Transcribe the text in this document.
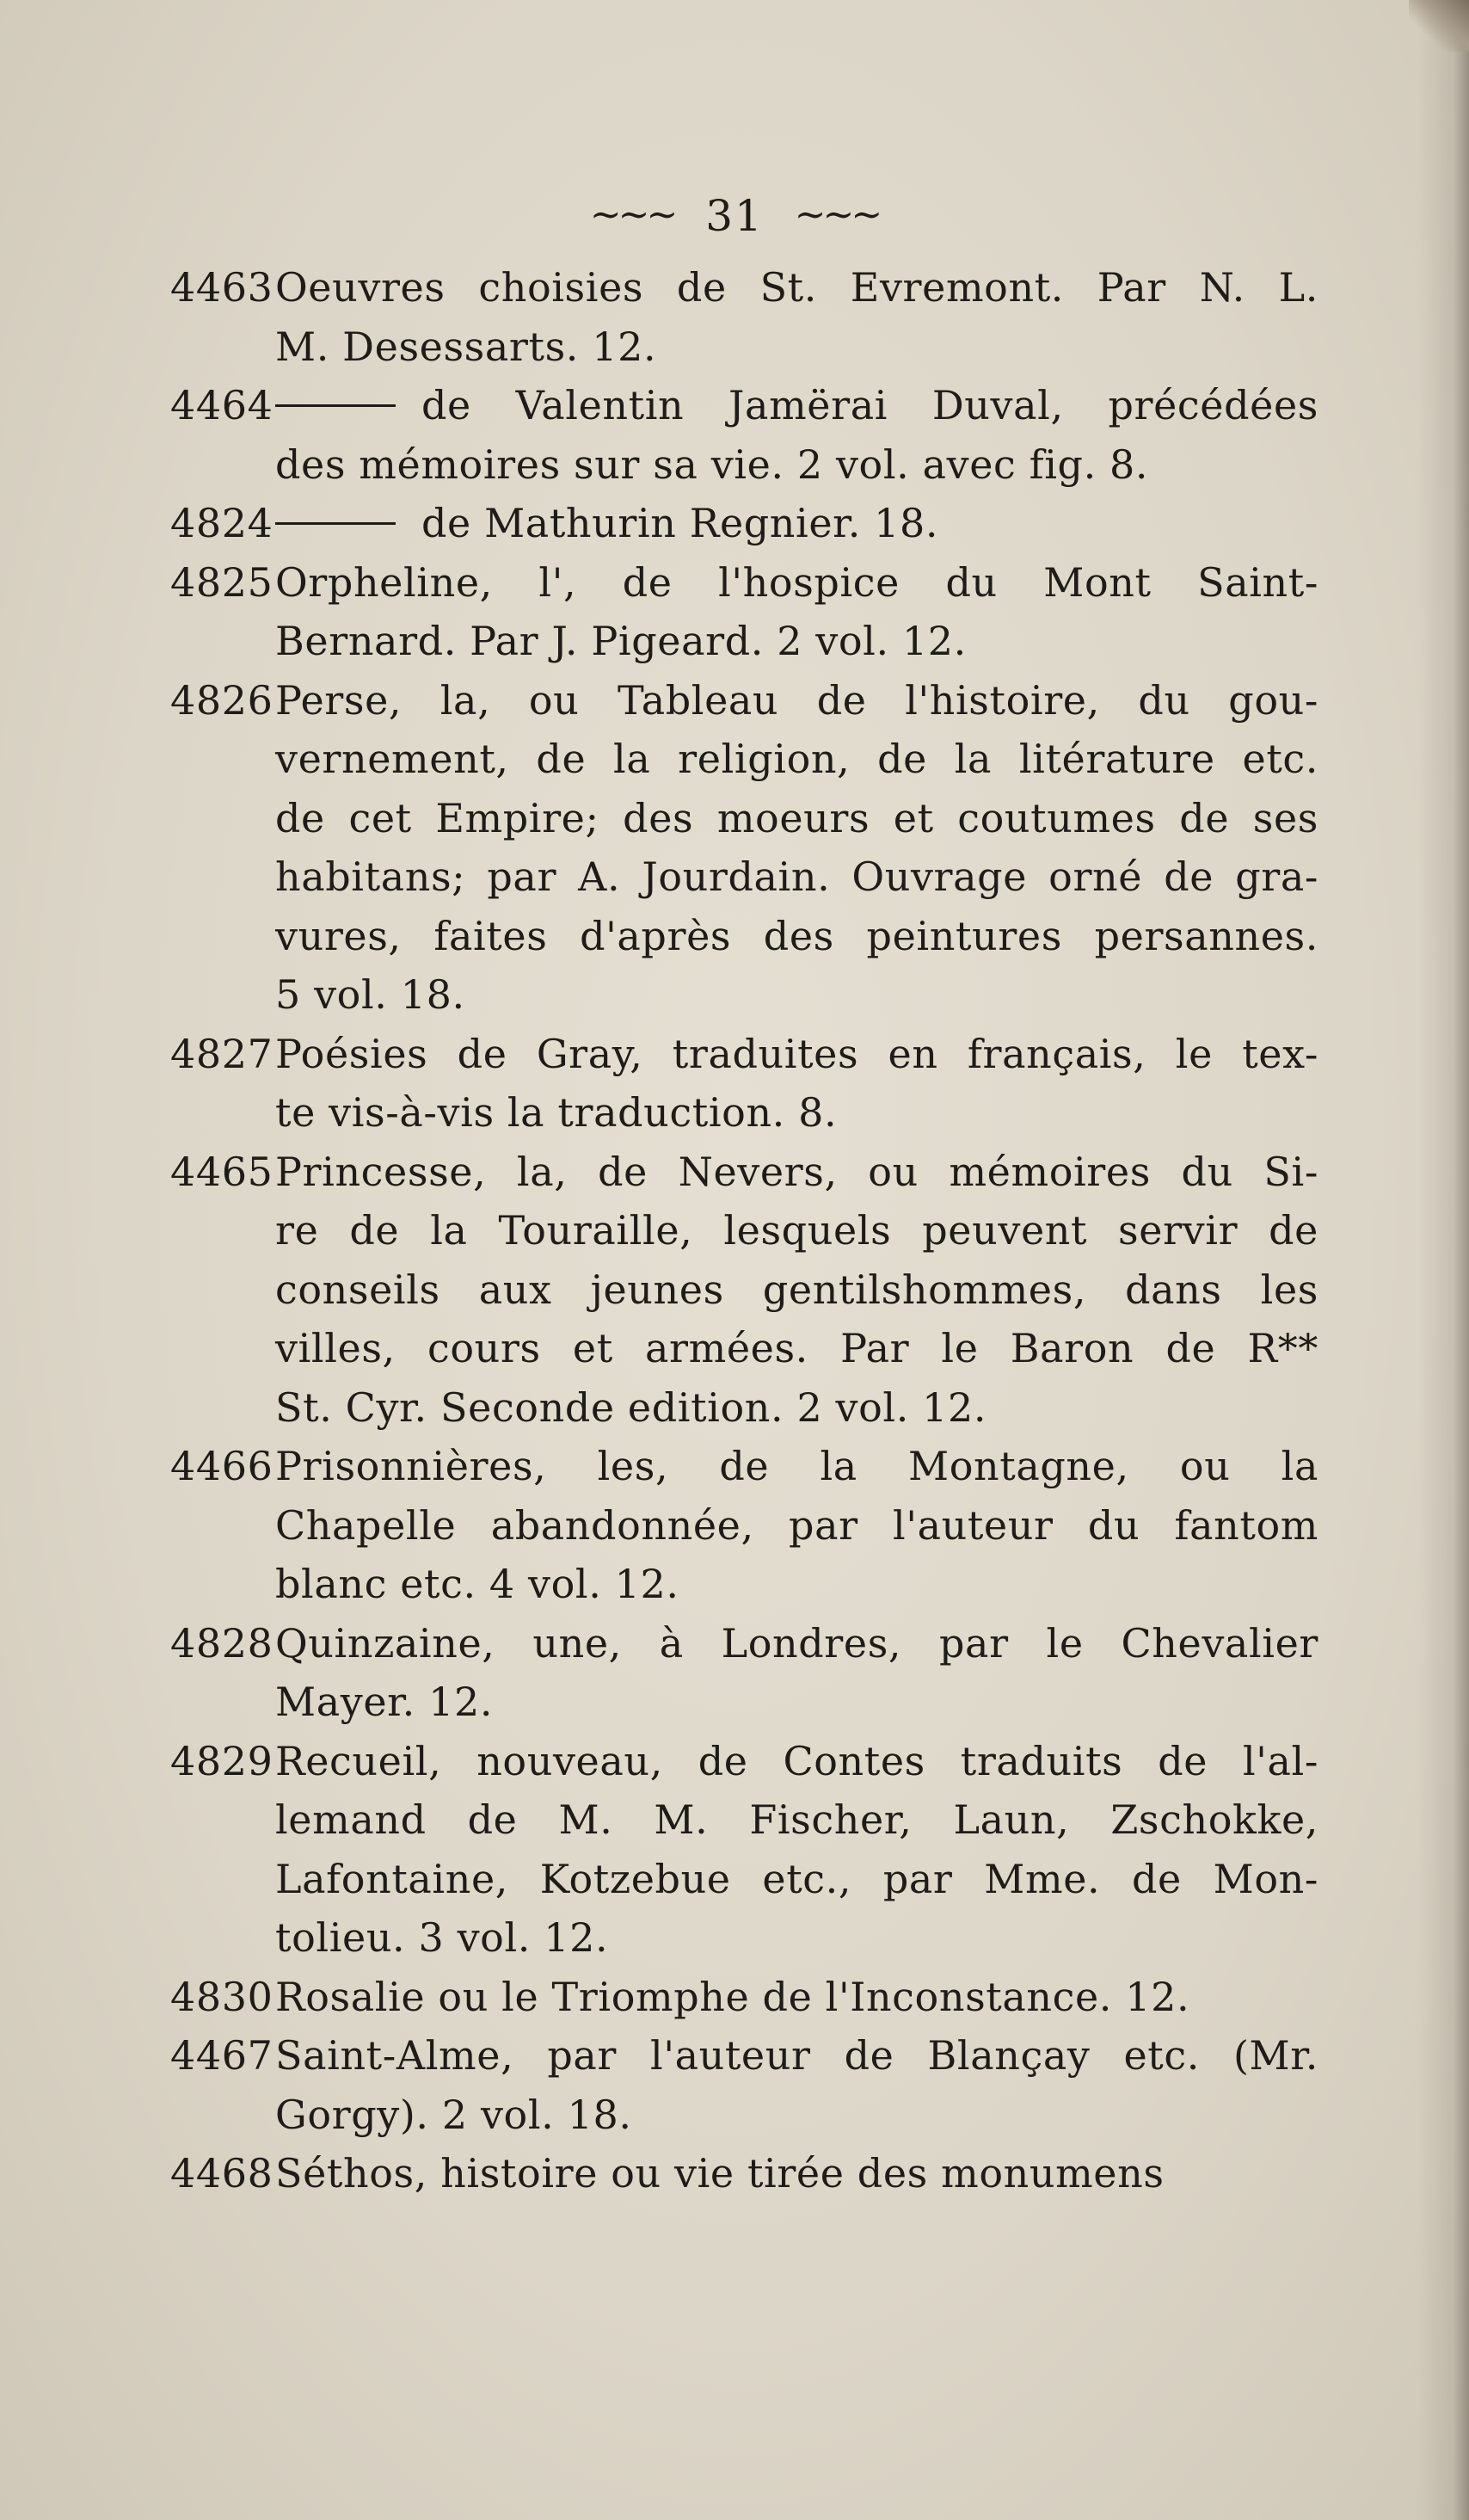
~~~ 31 ~~~
4463Oeuvres choisies de St. Evremont. Par N. L.
M. Desessarts. 12.
4464	de Valentin Jamërai Duval, précédées
des mémoires sur sa vie. 2 vol. avec fig. 8.
4824	de Mathurin Regnier. 18.
4825Orpheline, l', de l'hospice du Mont Saint-
Bernard. Par J. Pigeard. 2 vol. 12.
4826Perse, la, ou Tableau de l'histoire, du gou-
vernement, de la religion, de la litérature etc.
de cet Empire; des moeurs et coutumes de ses
habitans; par A. Jourdain. Ouvrage orné de gra-
vures, faites d'après des peintures persannes.
5 vol. 18.
4827Poésies de Gray, traduites en français, le tex-
te vis-à-vis la traduction. 8.
4465Princesse, la, de Nevers, ou mémoires du Si-
re de la Touraille, lesquels peuvent servir de
conseils aux jeunes gentilshommes, dans les
villes, cours et armées. Par le Baron de R**
St. Cyr. Seconde edition. 2 vol. 12.
4466Prisonnières, les, de la Montagne, ou la
Chapelle abandonnée, par l'auteur du fantom
blanc etc. 4 vol. 12.
4828Quinzaine, une, à Londres, par le Chevalier
Mayer. 12.
4829Recueil, nouveau, de Contes traduits de l'al-
lemand de M. M. Fischer, Laun, Zschokke,
Lafontaine, Kotzebue etc., par Mme. de Mon-
tolieu. 3 vol. 12.
4830Rosalie ou le Triomphe de l'Inconstance. 12.
4467Saint-Alme, par l'auteur de Blançay etc. (Mr.
Gorgy). 2 vol. 18.
4468Séthos, histoire ou vie tirée des monumens
